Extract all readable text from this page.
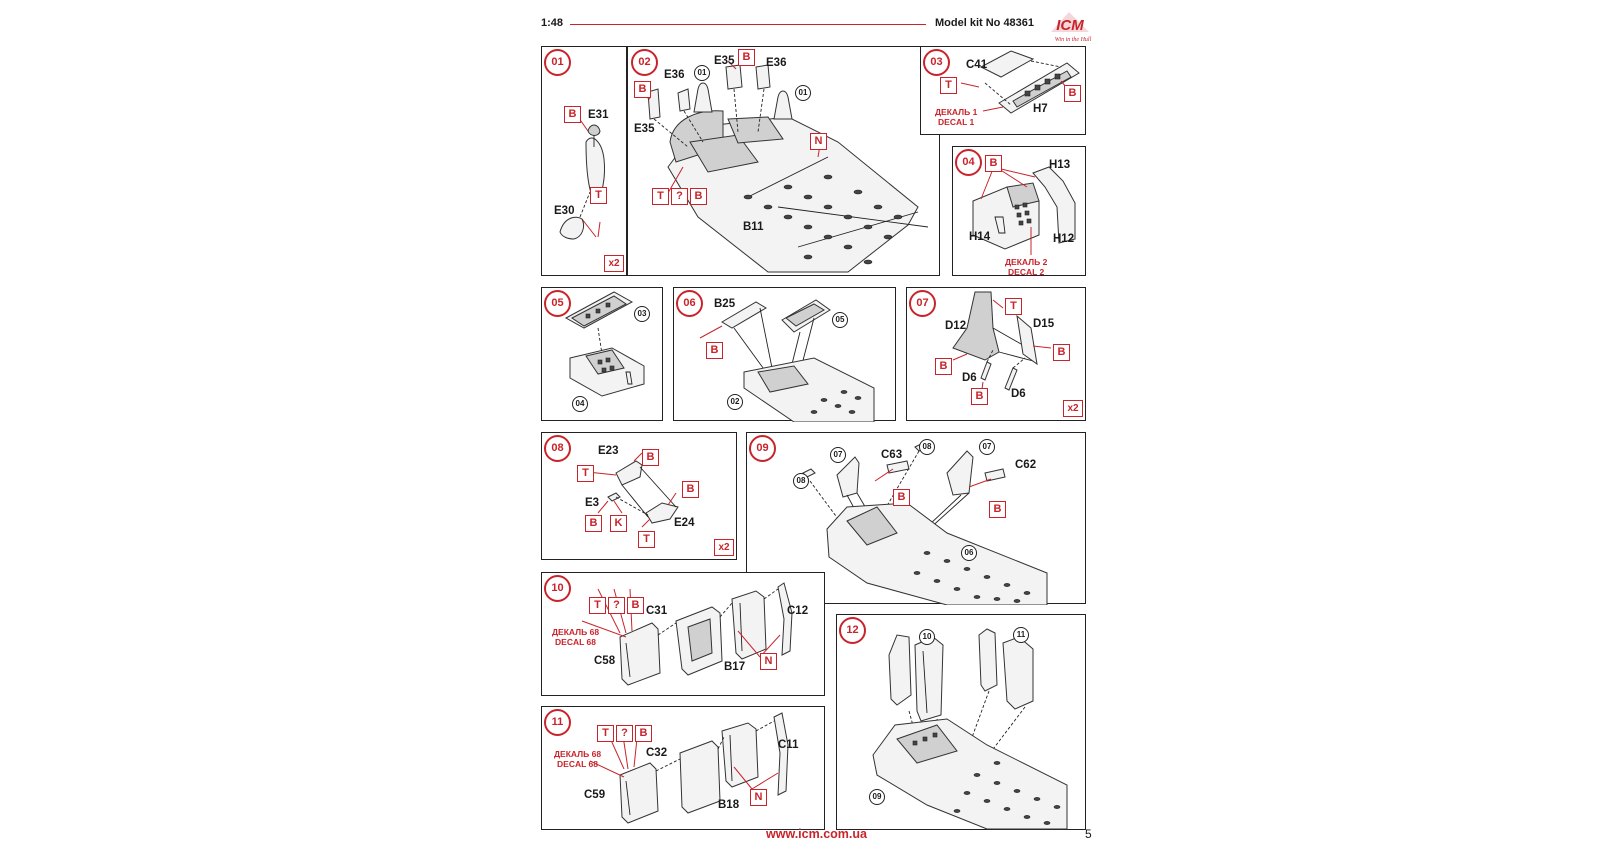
1:48	Model kit No 48361 ICM
Win in the Hull
01
B	E31
T
E30
x2
02
B
E36	01
E35 B	E36
01
E35
N
T	?	B
B11
03	C41
T
B
ДЕКАЛЬ 1
DECAL 1
H7
04	B	H13
H14	H12
ДЕКАЛЬ 2
DECAL 2
05
03
04
06	B25
05
B
02
07	T
D12	D15
B
B
D6
B	D6
x2
08	E23	B
T
B
E3
B	K	E24
T
x2
09
07	C63
08	07
C62
08
B
B
06
10
T	?	B C31	C12
ДЕКАЛЬ 68
DECAL 68
C58	N
B17
11
T	?	B
C32
C11
ДЕКАЛЬ 68
DECAL 68
C59	N
B18
12
10	11
09
www.icm.com.ua	5
